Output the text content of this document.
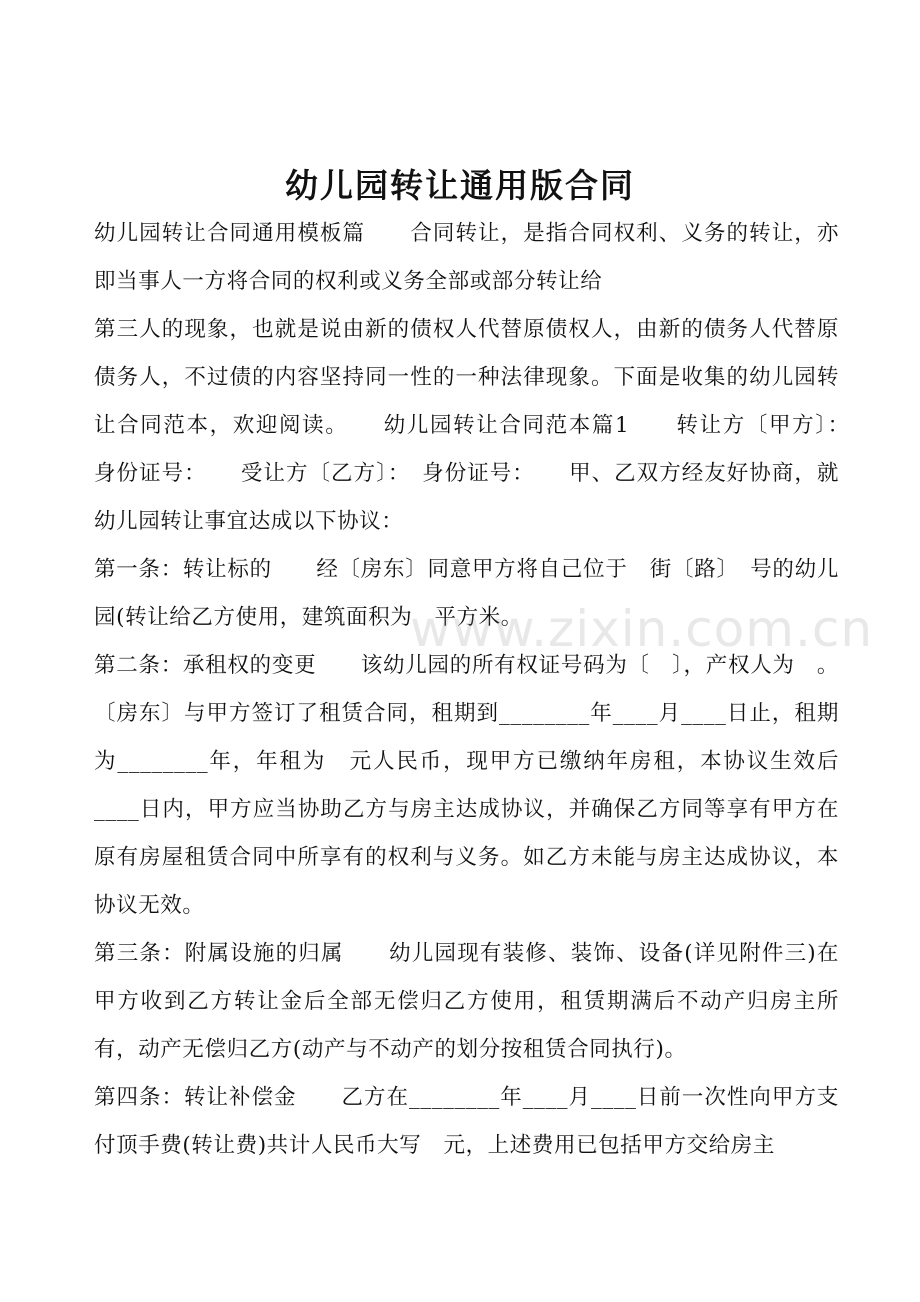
幼儿园转让通用版合同

幼儿园转让合同通用模板篇　　合同转让，是指合同权利、义务的转让，亦即当事人一方将合同的权利或义务全部或部分转让给

第三人的现象，也就是说由新的债权人代替原债权人，由新的债务人代替原债务人，不过债的内容坚持同一性的一种法律现象。下面是收集的幼儿园转让合同范本，欢迎阅读。　　幼儿园转让合同范本篇1　　转让方〔甲方〕：　身份证号：　　受让方〔乙方〕：　身份证号：　　甲、乙双方经友好协商，就幼儿园转让事宜达成以下协议：

第一条：转让标的　　经〔房东〕同意甲方将自己位于　街〔路〕　号的幼儿园(转让给乙方使用，建筑面积为　平方米。

第二条：承租权的变更　　该幼儿园的所有权证号码为〔　〕，产权人为　。〔房东〕与甲方签订了租赁合同，租期到________年____月____日止，租期为________年，年租为　元人民币，现甲方已缴纳年房租，本协议生效后____日内，甲方应当协助乙方与房主达成协议，并确保乙方同等享有甲方在原有房屋租赁合同中所享有的权利与义务。如乙方未能与房主达成协议，本协议无效。

第三条：附属设施的归属　　幼儿园现有装修、装饰、设备(详见附件三)在甲方收到乙方转让金后全部无偿归乙方使用，租赁期满后不动产归房主所有，动产无偿归乙方(动产与不动产的划分按租赁合同执行)。

第四条：转让补偿金　　乙方在________年____月____日前一次性向甲方支付顶手费(转让费)共计人民币大写　元，上述费用已包括甲方交给房主

www.zixin.com.cn
